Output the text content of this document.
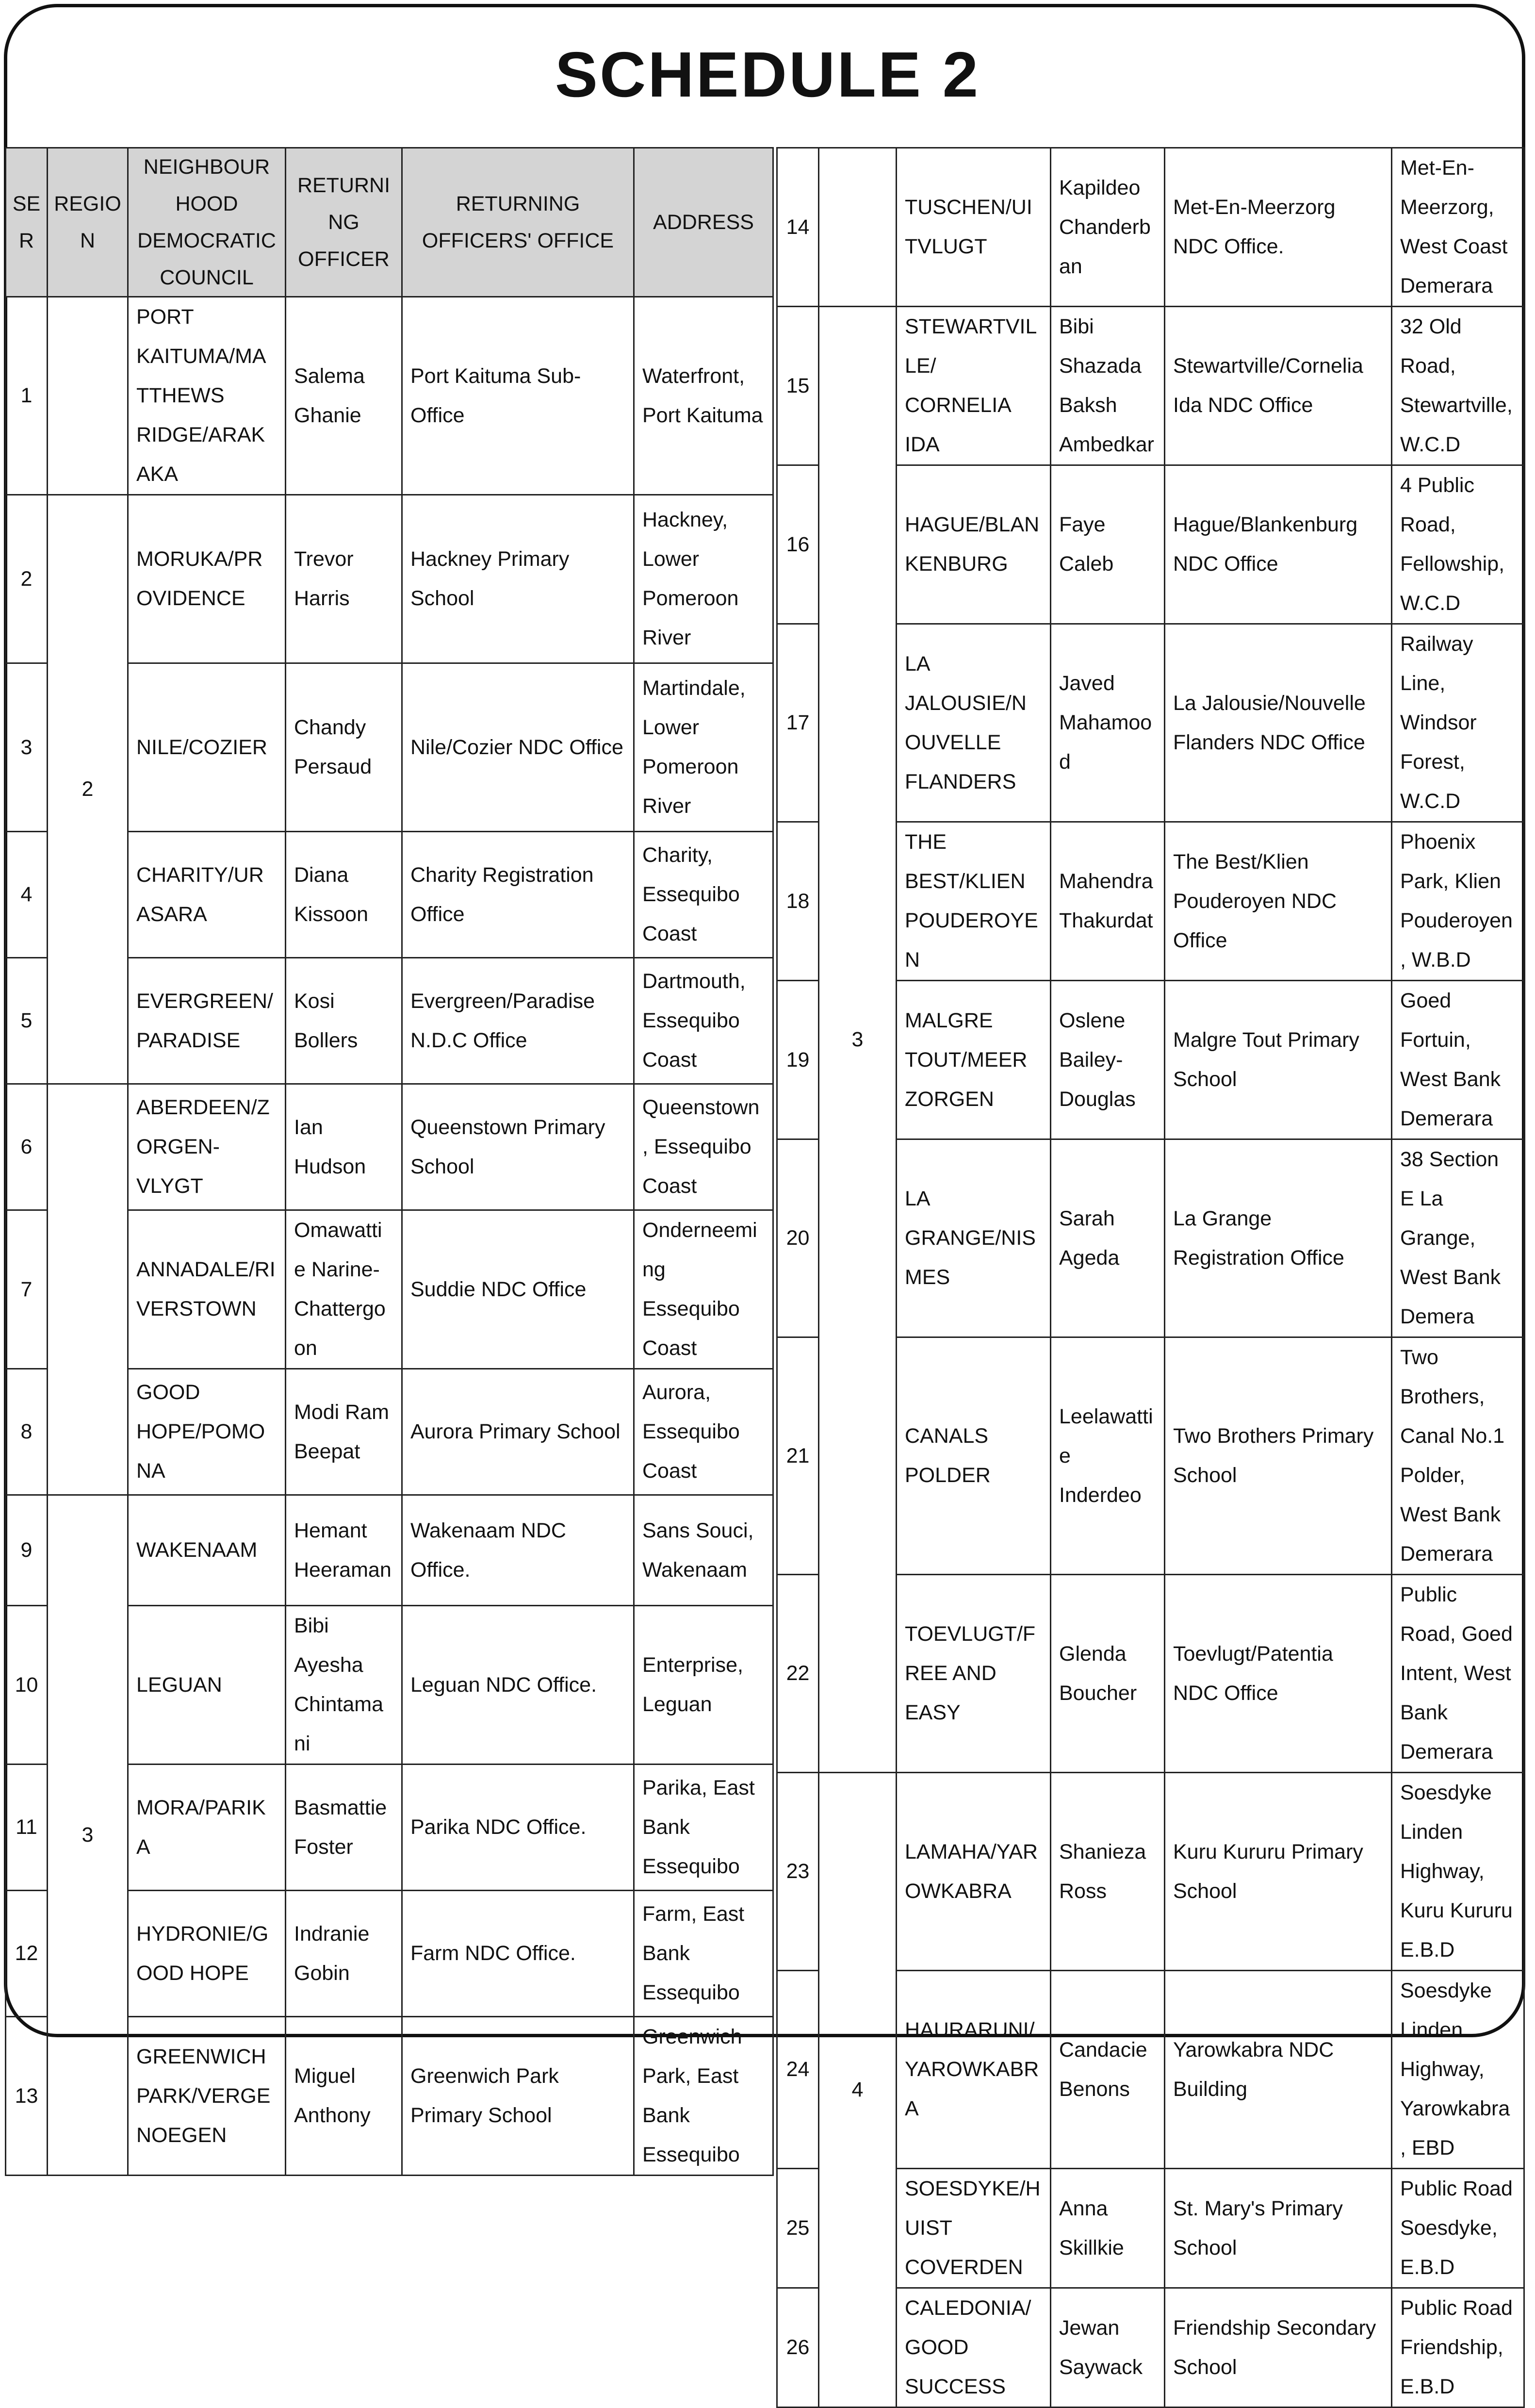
SCHEDULE 2
SER	REGION	NEIGHBOURHOOD DEMOCRATIC COUNCIL	RETURNING OFFICER	RETURNING OFFICERS' OFFICE	ADDRESS
1		PORT KAITUMA/MATTHEWS RIDGE/ARAKAKA	Salema Ghanie	Port Kaituma Sub-Office	Waterfront, Port Kaituma
2	2	MORUKA/PROVIDENCE	Trevor Harris	Hackney Primary School	Hackney, Lower Pomeroon River
3		NILE/COZIER	Chandy Persaud	Nile/Cozier NDC Office	Martindale, Lower Pomeroon River
4		CHARITY/URASARA	Diana Kissoon	Charity Registration Office	Charity, Essequibo Coast
5		EVERGREEN/PARADISE	Kosi Bollers	Evergreen/Paradise N.D.C Office	Dartmouth, Essequibo Coast
6		ABERDEEN/ZORGEN-VLYGT	Ian Hudson	Queenstown Primary School	Queenstown, Essequibo Coast
7		ANNADALE/RIVERSTOWN	Omawattie Narine-Chattergoon	Suddie NDC Office	Onderneeming Essequibo Coast
8		GOOD HOPE/POMONA	Modi Ram Beepat	Aurora Primary School	Aurora, Essequibo Coast
9	3	WAKENAAM	Hemant Heeraman	Wakenaam NDC Office.	Sans Souci, Wakenaam
10		LEGUAN	Bibi Ayesha Chintamani	Leguan NDC Office.	Enterprise, Leguan
11		MORA/PARIKA	Basmattie Foster	Parika NDC Office.	Parika, East Bank Essequibo
12		HYDRONIE/GOOD HOPE	Indranie Gobin	Farm NDC Office.	Farm, East Bank Essequibo
13		GREENWICH PARK/VERGENOEGEN	Miguel Anthony	Greenwich Park Primary School	Greenwich Park, East Bank Essequibo
14		TUSCHEN/UITVLUGT	Kapildeo Chanderban	Met-En-Meerzorg NDC Office.	Met-En-Meerzorg, West Coast Demerara
15	3	STEWARTVILLE/ CORNELIA IDA	Bibi Shazada Baksh Ambedkar	Stewartville/Cornelia Ida NDC Office	32 Old Road, Stewartville, W.C.D
16		HAGUE/BLANKENBURG	Faye Caleb	Hague/Blankenburg NDC Office	4 Public Road, Fellowship, W.C.D
17		LA JALOUSIE/NOUVELLE FLANDERS	Javed Mahamood	La Jalousie/Nouvelle Flanders NDC Office	Railway Line, Windsor Forest, W.C.D
18		THE BEST/KLIEN POUDEROYEN	Mahendra Thakurdat	The Best/Klien Pouderoyen NDC Office	Phoenix Park, Klien Pouderoyen, W.B.D
19		MALGRE TOUT/MEER ZORGEN	Oslene Bailey-Douglas	Malgre Tout Primary School	Goed Fortuin, West Bank Demerara
20		LA GRANGE/NISMES	Sarah Ageda	La Grange Registration Office	38 Section E La Grange, West Bank Demera
21		CANALS POLDER	Leelawattie Inderdeo	Two Brothers Primary School	Two Brothers, Canal No.1 Polder, West Bank Demerara
22		TOEVLUGT/FREE AND EASY	Glenda Boucher	Toevlugt/Patentia NDC Office	Public Road, Goed Intent, West Bank Demerara
23	4	LAMAHA/YAROWKABRA	Shanieza Ross	Kuru Kururu Primary School	Soesdyke Linden Highway, Kuru Kururu E.B.D
24		HAURARUNI/YAROWKABRA	Candacie Benons	Yarowkabra NDC Building	Soesdyke Linden Highway, Yarowkabra, EBD
25		SOESDYKE/HUIST COVERDEN	Anna Skillkie	St. Mary's Primary School	Public Road Soesdyke, E.B.D
26		CALEDONIA/GOOD SUCCESS	Jewan Saywack	Friendship Secondary School	Public Road Friendship, E.B.D
